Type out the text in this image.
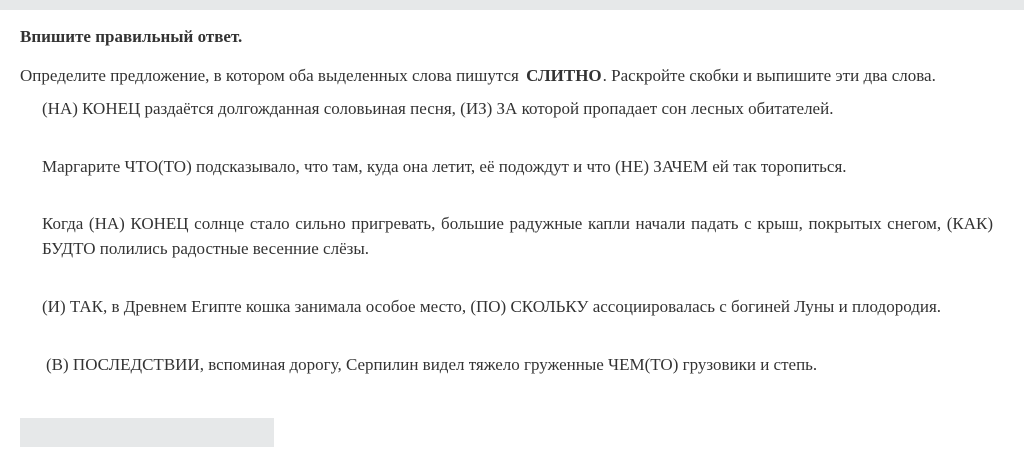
Впишите правильный ответ.
Определите предложение, в котором оба выделенных слова пишутся СЛИТНО. Раскройте скобки и выпишите эти два слова.
(НА) КОНЕЦ раздаётся долгожданная соловьиная песня, (ИЗ) ЗА которой пропадает сон лесных обитателей.
Маргарите ЧТО(ТО) подсказывало, что там, куда она летит, её подождут и что (НЕ) ЗАЧЕМ ей так торопиться.
Когда (НА) КОНЕЦ солнце стало сильно пригревать, большие радужные капли начали падать с крыш, покрытых снегом, (КАК) БУДТО полились радостные весенние слёзы.
(И) ТАК, в Древнем Египте кошка занимала особое место, (ПО) СКОЛЬКУ ассоциировалась с богиней Луны и плодородия.
(В) ПОСЛЕДСТВИИ, вспоминая дорогу, Серпилин видел тяжело груженные ЧЕМ(ТО) грузовики и степь.
